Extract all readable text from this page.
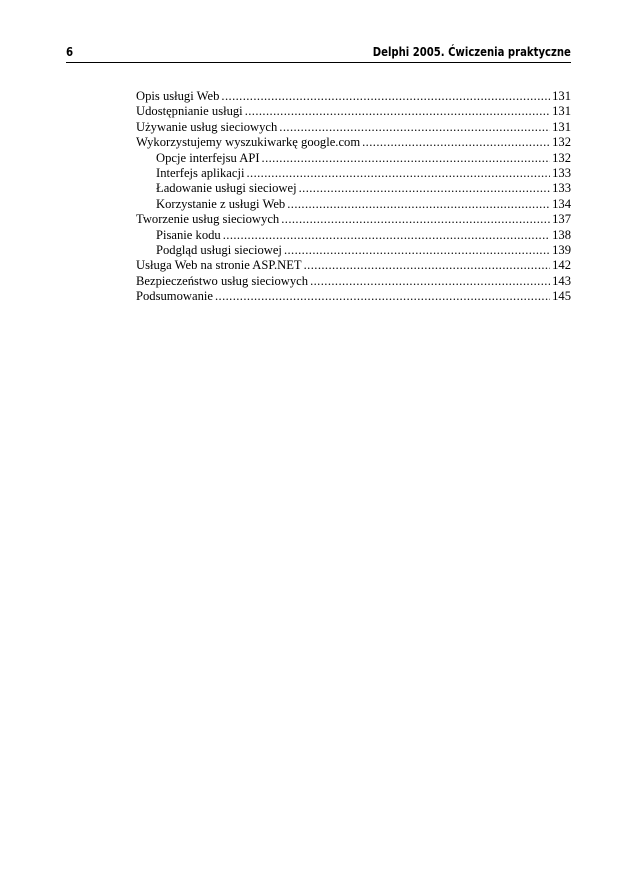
6	Delphi 2005. Ćwiczenia praktyczne
Opis usługi Web .....	131
Udostępnianie usługi .....	131
Używanie usług sieciowych .....	131
Wykorzystujemy wyszukiwarkę google.com .....	132
Opcje interfejsu API .....	132
Interfejs aplikacji .....	133
Ładowanie usługi sieciowej .....	133
Korzystanie z usługi Web .....	134
Tworzenie usług sieciowych .....	137
Pisanie kodu .....	138
Podgląd usługi sieciowej .....	139
Usługa Web na stronie ASP.NET .....	142
Bezpieczeństwo usług sieciowych .....	143
Podsumowanie .....	145
